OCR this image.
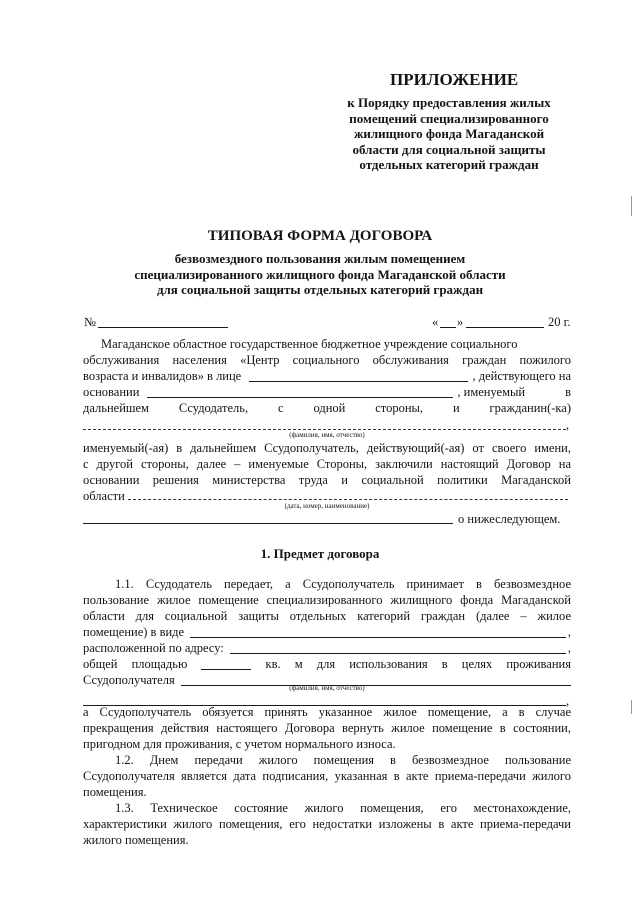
ПРИЛОЖЕНИЕ
к Порядку предоставления жилых
помещений специализированного
жилищного фонда Магаданской
области для социальной защиты
отдельных категорий граждан
ТИПОВАЯ ФОРМА ДОГОВОРА
безвозмездного пользования жилым помещением
специализированного жилищного фонда Магаданской области
для социальной защиты отдельных категорий граждан
№	« »	20 г.
Магаданское областное государственное бюджетное учреждение социального
обслуживания населения «Центр социального обслуживания граждан пожилого
возраста и инвалидов» в лице	, действующего на
основании	, именуемый	в
дальнейшем Ссудодатель, с одной стороны, и гражданин(-ка)
,
(фамилия, имя, отчество)
именуемый(-ая) в дальнейшем Ссудополучатель, действующий(-ая) от своего имени,
с другой стороны, далее – именуемые Стороны, заключили настоящий Договор на
основании решения министерства труда и социальной политики Магаданской
области
(дата, номер, наименование)
о нижеследующем.
1. Предмет договора
1.1. Ссудодатель передает, а Ссудополучатель принимает в безвозмездное
пользование жилое помещение специализированного жилищного фонда Магаданской
области для социальной защиты отдельных категорий граждан (далее – жилое
помещение) в виде	,
расположенной по адресу:	,
общей площадью	кв. м для использования в целях проживания
Ссудополучателя
(фамилия, имя, отчество)
,
а Ссудополучатель обязуется принять указанное жилое помещение, а в случае
прекращения действия настоящего Договора вернуть жилое помещение в состоянии,
пригодном для проживания, с учетом нормального износа.
1.2. Днем передачи жилого помещения в безвозмездное пользование
Ссудополучателя является дата подписания, указанная в акте приема-передачи жилого
помещения.
1.3. Техническое состояние жилого помещения, его местонахождение,
характеристики жилого помещения, его недостатки изложены в акте приема-передачи
жилого помещения.
